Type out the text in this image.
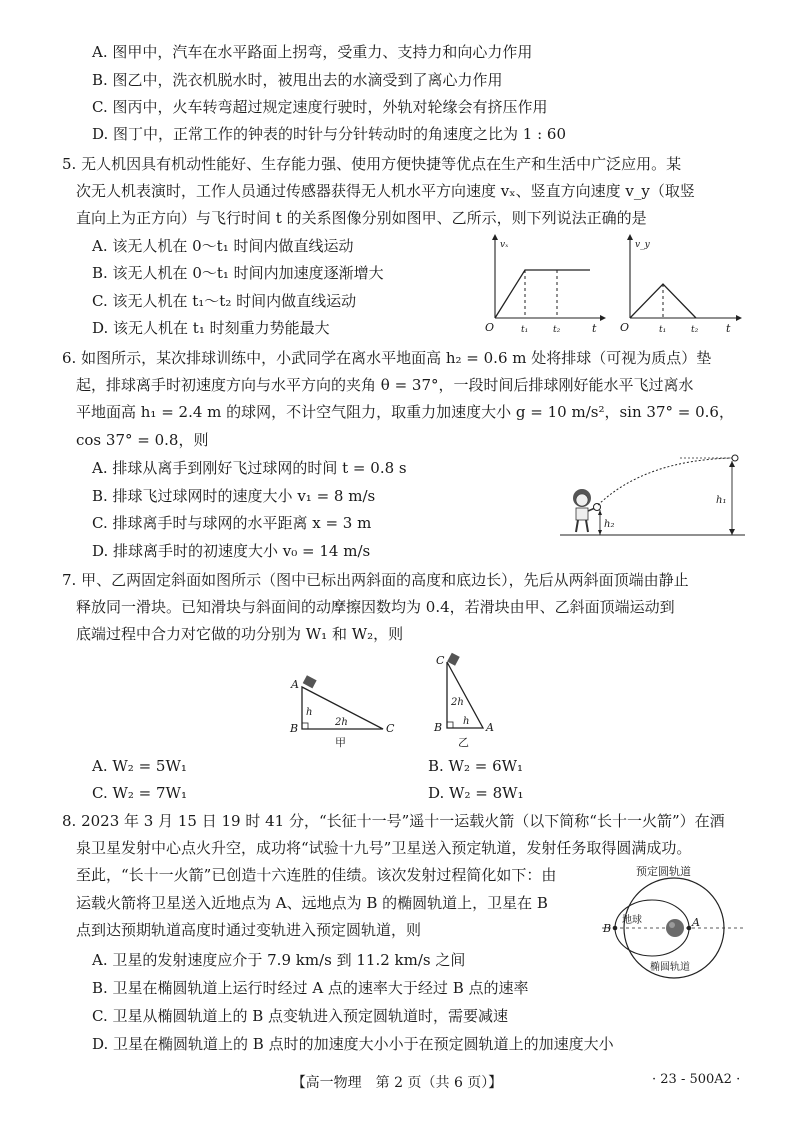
A. 图甲中，汽车在水平路面上拐弯，受重力、支持力和向心力作用
B. 图乙中，洗衣机脱水时，被甩出去的水滴受到了离心力作用
C. 图丙中，火车转弯超过规定速度行驶时，外轨对轮缘会有挤压作用
D. 图丁中，正常工作的钟表的时针与分针转动时的角速度之比为 1 : 60
5. 无人机因具有机动性能好、生存能力强、使用方便快捷等优点在生产和生活中广泛应用。某
次无人机表演时，工作人员通过传感器获得无人机水平方向速度 vₓ、竖直方向速度 v_y（取竖
直向上为正方向）与飞行时间 t 的关系图像分别如图甲、乙所示，则下列说法正确的是
A. 该无人机在 0～t₁ 时间内做直线运动
B. 该无人机在 0～t₁ 时间内加速度逐渐增大
C. 该无人机在 t₁～t₂ 时间内做直线运动
D. 该无人机在 t₁ 时刻重力势能最大
vₓ
O	t₁	t₂	t
v_y
O	t₁	t₂	t
6. 如图所示，某次排球训练中，小武同学在离水平地面高 h₂ = 0.6 m 处将排球（可视为质点）垫
起，排球离手时初速度方向与水平方向的夹角 θ = 37°，一段时间后排球刚好能水平飞过离水
平地面高 h₁ = 2.4 m 的球网，不计空气阻力，取重力加速度大小 g = 10 m/s²，sin 37° = 0.6，
cos 37° = 0.8，则
A. 排球从离手到刚好飞过球网的时间 t = 0.8 s
B. 排球飞过球网时的速度大小 v₁ = 8 m/s
C. 排球离手时与球网的水平距离 x = 3 m
D. 排球离手时的初速度大小 v₀ = 14 m/s
h₁
h₂
7. 甲、乙两固定斜面如图所示（图中已标出两斜面的高度和底边长），先后从两斜面顶端由静止
释放同一滑块。已知滑块与斜面间的动摩擦因数均为 0.4，若滑块由甲、乙斜面顶端运动到
底端过程中合力对它做的功分别为 W₁ 和 W₂，则
A
B	C
h
2h
甲
C
B	A
2h
h
乙
A. W₂ = 5W₁	B. W₂ = 6W₁
C. W₂ = 7W₁	D. W₂ = 8W₁
8. 2023 年 3 月 15 日 19 时 41 分，“长征十一号”遥十一运载火箭（以下简称“长十一火箭”）在酒
泉卫星发射中心点火升空，成功将“试验十九号”卫星送入预定轨道，发射任务取得圆满成功。
至此，“长十一火箭”已创造十六连胜的佳绩。该次发射过程简化如下：由
运载火箭将卫星送入近地点为 A、远地点为 B 的椭圆轨道上，卫星在 B
点到达预期轨道高度时通过变轨进入预定圆轨道，则
A. 卫星的发射速度应介于 7.9 km/s 到 11.2 km/s 之间
B. 卫星在椭圆轨道上运行时经过 A 点的速率大于经过 B 点的速率
C. 卫星从椭圆轨道上的 B 点变轨进入预定圆轨道时，需要减速
D. 卫星在椭圆轨道上的 B 点时的加速度大小小于在预定圆轨道上的加速度大小
预定圆轨道
B	A
地球
椭圆轨道
【高一物理　第 2 页（共 6 页）】	· 23 - 500A2 ·
